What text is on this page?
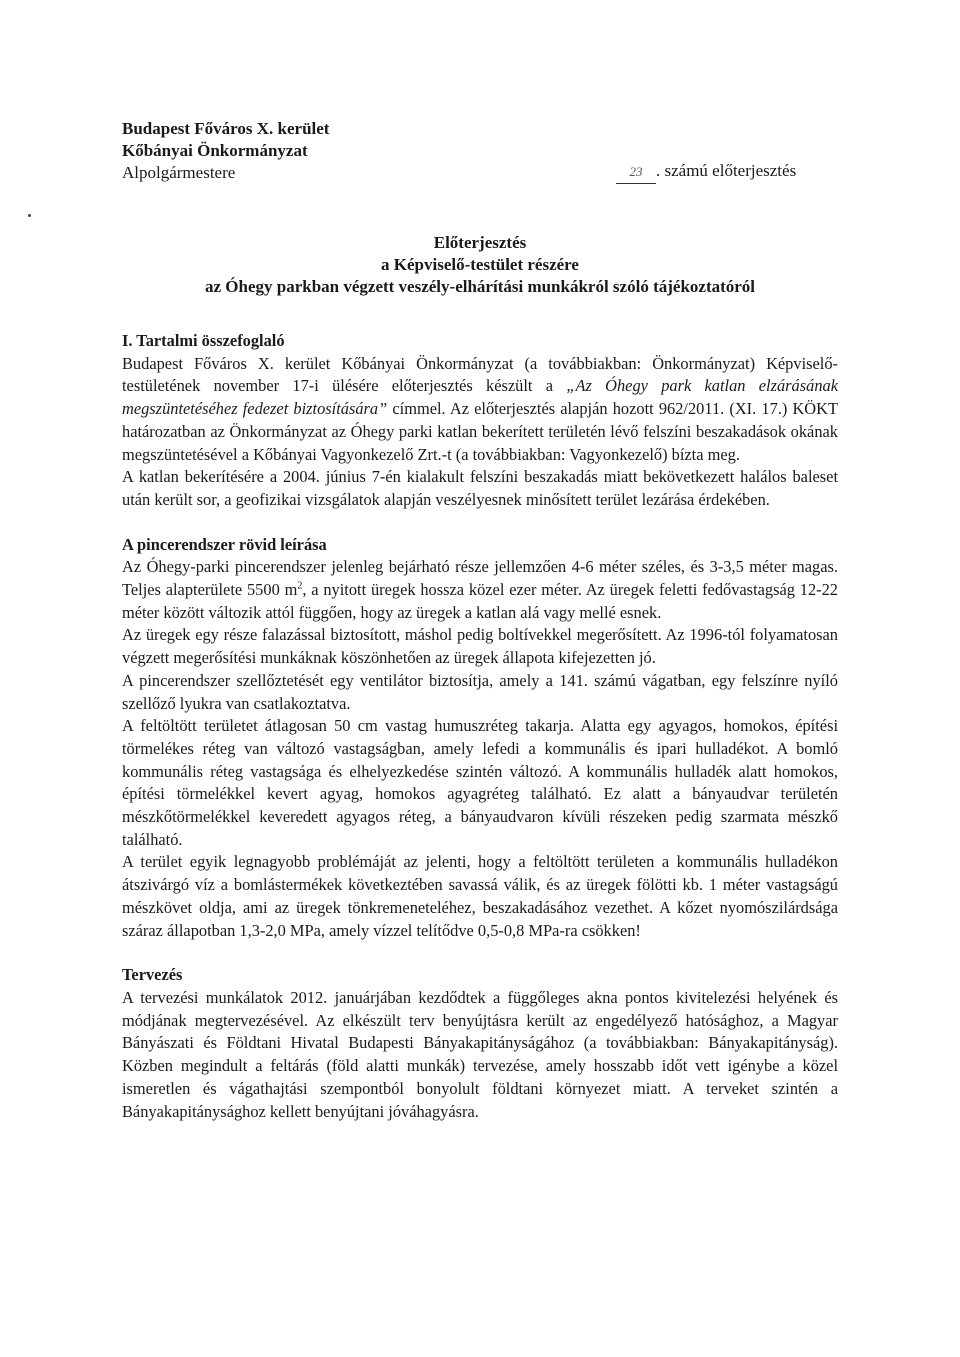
Budapest Főváros X. kerület
Kőbányai Önkormányzat
Alpolgármestere	23 . számú előterjesztés
Előterjesztés
a Képviselő-testület részére
az Óhegy parkban végzett veszély-elhárítási munkákról szóló tájékoztatóról

I. Tartalmi összefoglaló

Budapest Főváros X. kerület Kőbányai Önkormányzat (a továbbiakban: Önkormányzat) Képviselő-testületének november 17-i ülésére előterjesztés készült a „Az Óhegy park katlan elzárásának megszüntetéséhez fedezet biztosítására” címmel. Az előterjesztés alapján hozott 962/2011. (XI. 17.) KÖKT határozatban az Önkormányzat az Óhegy parki katlan bekerített területén lévő felszíni beszakadások okának megszüntetésével a Kőbányai Vagyonkezelő Zrt.-t (a továbbiakban: Vagyonkezelő) bízta meg.

A katlan bekerítésére a 2004. június 7-én kialakult felszíni beszakadás miatt bekövetkezett halálos baleset után került sor, a geofizikai vizsgálatok alapján veszélyesnek minősített terület lezárása érdekében.

A pincerendszer rövid leírása

Az Óhegy-parki pincerendszer jelenleg bejárható része jellemzően 4-6 méter széles, és 3-3,5 méter magas. Teljes alapterülete 5500 $m^2$, a nyitott üregek hossza közel ezer méter. Az üregek feletti fedővastagság 12-22 méter között változik attól függően, hogy az üregek a katlan alá vagy mellé esnek.

Az üregek egy része falazással biztosított, máshol pedig boltívekkel megerősített. Az 1996-tól folyamatosan végzett megerősítési munkáknak köszönhetően az üregek állapota kifejezetten jó.

A pincerendszer szellőztetését egy ventilátor biztosítja, amely a 141. számú vágatban, egy felszínre nyíló szellőző lyukra van csatlakoztatva.

A feltöltött területet átlagosan 50 cm vastag humuszréteg takarja. Alatta egy agyagos, homokos, építési törmelékes réteg van változó vastagságban, amely lefedi a kommunális és ipari hulladékot. A bomló kommunális réteg vastagsága és elhelyezkedése szintén változó. A kommunális hulladék alatt homokos, építési törmelékkel kevert agyag, homokos agyagréteg található. Ez alatt a bányaudvar területén mészkőtörmelékkel keveredett agyagos réteg, a bányaudvaron kívüli részeken pedig szarmata mészkő található.

A terület egyik legnagyobb problémáját az jelenti, hogy a feltöltött területen a kommunális hulladékon átszivárgó víz a bomlástermékek következtében savassá válik, és az üregek fölötti kb. 1 méter vastagságú mészkövet oldja, ami az üregek tönkremeneteléhez, beszakadásához vezethet. A kőzet nyomószilárdsága száraz állapotban 1,3-2,0 MPa, amely vízzel telítődve 0,5-0,8 MPa-ra csökken!

Tervezés

A tervezési munkálatok 2012. januárjában kezdődtek a függőleges akna pontos kivitelezési helyének és módjának megtervezésével. Az elkészült terv benyújtásra került az engedélyező hatósághoz, a Magyar Bányászati és Földtani Hivatal Budapesti Bányakapitányságához (a továbbiakban: Bányakapitányság). Közben megindult a feltárás (föld alatti munkák) tervezése, amely hosszabb időt vett igénybe a közel ismeretlen és vágathajtási szempontból bonyolult földtani környezet miatt. A terveket szintén a Bányakapitánysághoz kellett benyújtani jóváhagyásra.
